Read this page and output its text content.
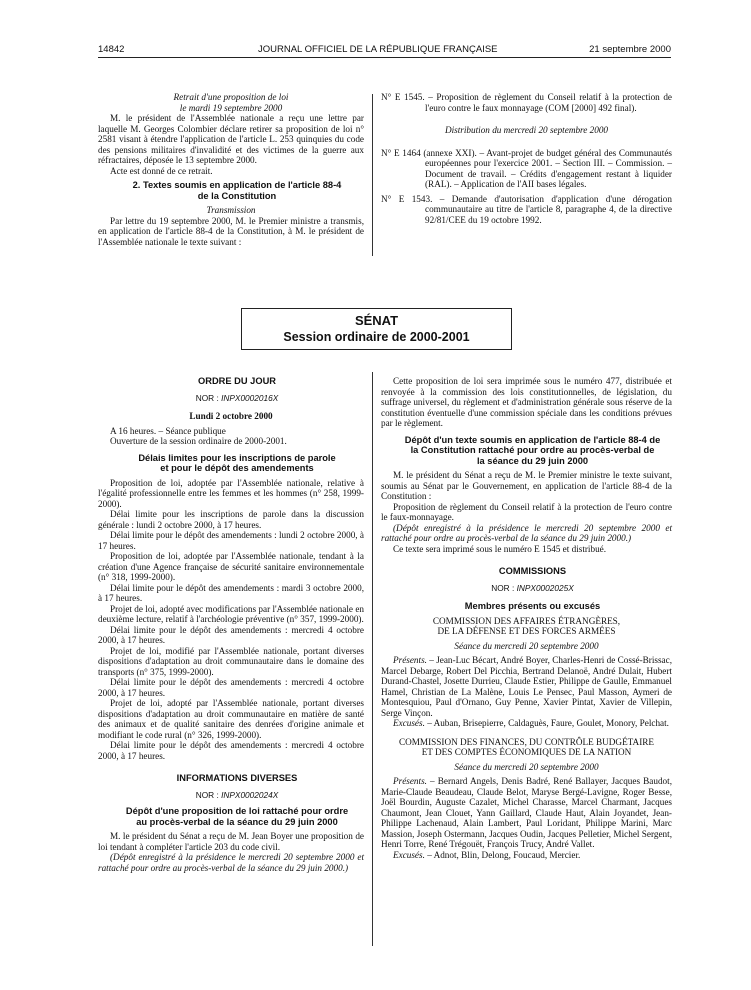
14842	JOURNAL OFFICIEL DE LA RÉPUBLIQUE FRANÇAISE	21 septembre 2000

Retrait d'une proposition de loi

le mardi 19 septembre 2000

M. le président de l'Assemblée nationale a reçu une lettre par laquelle M. Georges Colombier déclare retirer sa proposition de loi n° 2581 visant à étendre l'application de l'article L. 253 quinquies du code des pensions militaires d'invalidité et des victimes de la guerre aux réfractaires, déposée le 13 septembre 2000.

Acte est donné de ce retrait.

2. Textes soumis en application de l'article 88-4

de la Constitution

Transmission

Par lettre du 19 septembre 2000, M. le Premier ministre a transmis, en application de l'article 88-4 de la Constitution, à M. le président de l'Assemblée nationale le texte suivant :

N° E 1545. – Proposition de règlement du Conseil relatif à la protection de l'euro contre le faux monnayage (COM [2000] 492 final).

Distribution du mercredi 20 septembre 2000

N° E 1464 (annexe XXI). – Avant-projet de budget général des Communautés européennes pour l'exercice 2001. – Section III. – Commission. – Document de travail. – Crédits d'engagement restant à liquider (RAL). – Application de l'AII bases légales.

N° E 1543. – Demande d'autorisation d'application d'une dérogation communautaire au titre de l'article 8, paragraphe 4, de la directive 92/81/CEE du 19 octobre 1992.

SÉNAT
Session ordinaire de 2000-2001

ORDRE DU JOUR

NOR : INPX0002016X

Lundi 2 octobre 2000

A 16 heures. – Séance publique

Ouverture de la session ordinaire de 2000-2001.

Délais limites pour les inscriptions de parole

et pour le dépôt des amendements

Proposition de loi, adoptée par l'Assemblée nationale, relative à l'égalité professionnelle entre les femmes et les hommes (n° 258, 1999-2000).

Délai limite pour les inscriptions de parole dans la discussion générale : lundi 2 octobre 2000, à 17 heures.

Délai limite pour le dépôt des amendements : lundi 2 octobre 2000, à 17 heures.

Proposition de loi, adoptée par l'Assemblée nationale, tendant à la création d'une Agence française de sécurité sanitaire environnementale (n° 318, 1999-2000).

Délai limite pour le dépôt des amendements : mardi 3 octobre 2000, à 17 heures.

Projet de loi, adopté avec modifications par l'Assemblée nationale en deuxième lecture, relatif à l'archéologie préventive (n° 357, 1999-2000).

Délai limite pour le dépôt des amendements : mercredi 4 octobre 2000, à 17 heures.

Projet de loi, modifié par l'Assemblée nationale, portant diverses dispositions d'adaptation au droit communautaire dans le domaine des transports (n° 375, 1999-2000).

Délai limite pour le dépôt des amendements : mercredi 4 octobre 2000, à 17 heures.

Projet de loi, adopté par l'Assemblée nationale, portant diverses dispositions d'adaptation au droit communautaire en matière de santé des animaux et de qualité sanitaire des denrées d'origine animale et modifiant le code rural (n° 326, 1999-2000).

Délai limite pour le dépôt des amendements : mercredi 4 octobre 2000, à 17 heures.

INFORMATIONS DIVERSES

NOR : INPX0002024X

Dépôt d'une proposition de loi rattaché pour ordre

au procès-verbal de la séance du 29 juin 2000

M. le président du Sénat a reçu de M. Jean Boyer une proposition de loi tendant à compléter l'article 203 du code civil.

(Dépôt enregistré à la présidence le mercredi 20 septembre 2000 et rattaché pour ordre au procès-verbal de la séance du 29 juin 2000.)

Cette proposition de loi sera imprimée sous le numéro 477, distribuée et renvoyée à la commission des lois constitutionnelles, de législation, du suffrage universel, du règlement et d'administration générale sous réserve de la constitution éventuelle d'une commission spéciale dans les conditions prévues par le règlement.

Dépôt d'un texte soumis en application de l'article 88-4 de

la Constitution rattaché pour ordre au procès-verbal de

la séance du 29 juin 2000

M. le président du Sénat a reçu de M. le Premier ministre le texte suivant, soumis au Sénat par le Gouvernement, en application de l'article 88-4 de la Constitution :

Proposition de règlement du Conseil relatif à la protection de l'euro contre le faux-monnayage.

(Dépôt enregistré à la présidence le mercredi 20 septembre 2000 et rattaché pour ordre au procès-verbal de la séance du 29 juin 2000.)

Ce texte sera imprimé sous le numéro E 1545 et distribué.

COMMISSIONS

NOR : INPX0002025X

Membres présents ou excusés

COMMISSION DES AFFAIRES ÉTRANGÈRES,

DE LA DÉFENSE ET DES FORCES ARMÉES

Séance du mercredi 20 septembre 2000

Présents. – Jean-Luc Bécart, André Boyer, Charles-Henri de Cossé-Brissac, Marcel Debarge, Robert Del Picchia, Bertrand Delanoë, André Dulait, Hubert Durand-Chastel, Josette Durrieu, Claude Estier, Philippe de Gaulle, Emmanuel Hamel, Christian de La Malène, Louis Le Pensec, Paul Masson, Aymeri de Montesquiou, Paul d'Ornano, Guy Penne, Xavier Pintat, Xavier de Villepin, Serge Vinçon.

Excusés. – Auban, Brisepierre, Caldaguès, Faure, Goulet, Monory, Pelchat.

COMMISSION DES FINANCES, DU CONTRÔLE BUDGÉTAIRE

ET DES COMPTES ÉCONOMIQUES DE LA NATION

Séance du mercredi 20 septembre 2000

Présents. – Bernard Angels, Denis Badré, René Ballayer, Jacques Baudot, Marie-Claude Beaudeau, Claude Belot, Maryse Bergé-Lavigne, Roger Besse, Joël Bourdin, Auguste Cazalet, Michel Charasse, Marcel Charmant, Jacques Chaumont, Jean Clouet, Yann Gaillard, Claude Haut, Alain Joyandet, Jean-Philippe Lachenaud, Alain Lambert, Paul Loridant, Philippe Marini, Marc Massion, Joseph Ostermann, Jacques Oudin, Jacques Pelletier, Michel Sergent, Henri Torre, René Trégouët, François Trucy, André Vallet.

Excusés. – Adnot, Blin, Delong, Foucaud, Mercier.
